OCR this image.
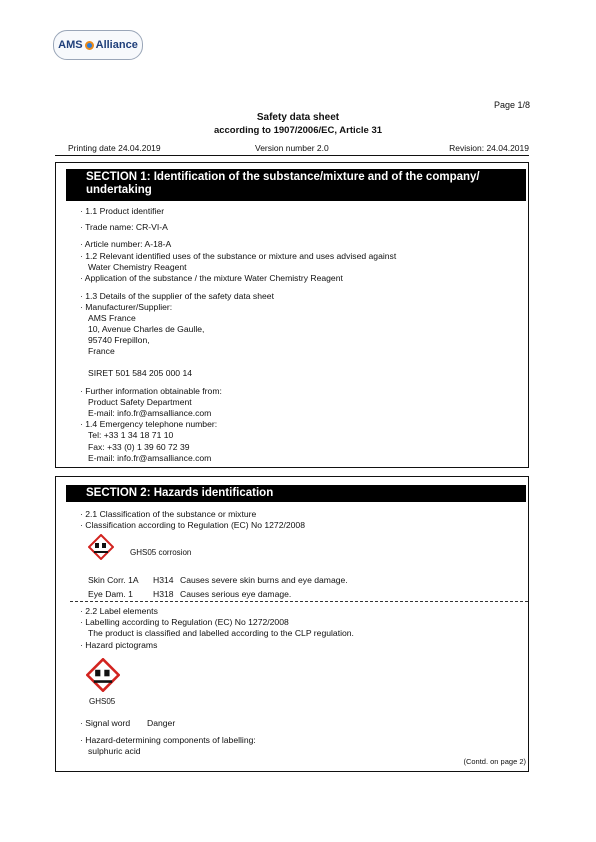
AMS Alliance
Page 1/8
Safety data sheet
according to 1907/2006/EC, Article 31
Printing date 24.04.2019	Version number 2.0	Revision: 24.04.2019
SECTION 1: Identification of the substance/mixture and of the company/
undertaking
· 1.1 Product identifier
· Trade name: CR-VI-A
· Article number: A-18-A
· 1.2 Relevant identified uses of the substance or mixture and uses advised against
Water Chemistry Reagent
· Application of the substance / the mixture Water Chemistry Reagent
· 1.3 Details of the supplier of the safety data sheet
· Manufacturer/Supplier:
AMS France
10, Avenue Charles de Gaulle,
95740 Frepillon,
France
SIRET 501 584 205 000 14
· Further information obtainable from:
Product Safety Department
E-mail: info.fr@amsalliance.com
· 1.4 Emergency telephone number:
Tel: +33 1 34 18 71 10
Fax: +33 (0) 1 39 60 72 39
E-mail: info.fr@amsalliance.com
SECTION 2: Hazards identification
· 2.1 Classification of the substance or mixture
· Classification according to Regulation (EC) No 1272/2008
GHS05 corrosion
Skin Corr. 1A H314 Causes severe skin burns and eye damage.
Eye Dam. 1 H318 Causes serious eye damage.
· 2.2 Label elements
· Labelling according to Regulation (EC) No 1272/2008
The product is classified and labelled according to the CLP regulation.
· Hazard pictograms
GHS05
· Signal word Danger
· Hazard-determining components of labelling:
sulphuric acid
(Contd. on page 2)
